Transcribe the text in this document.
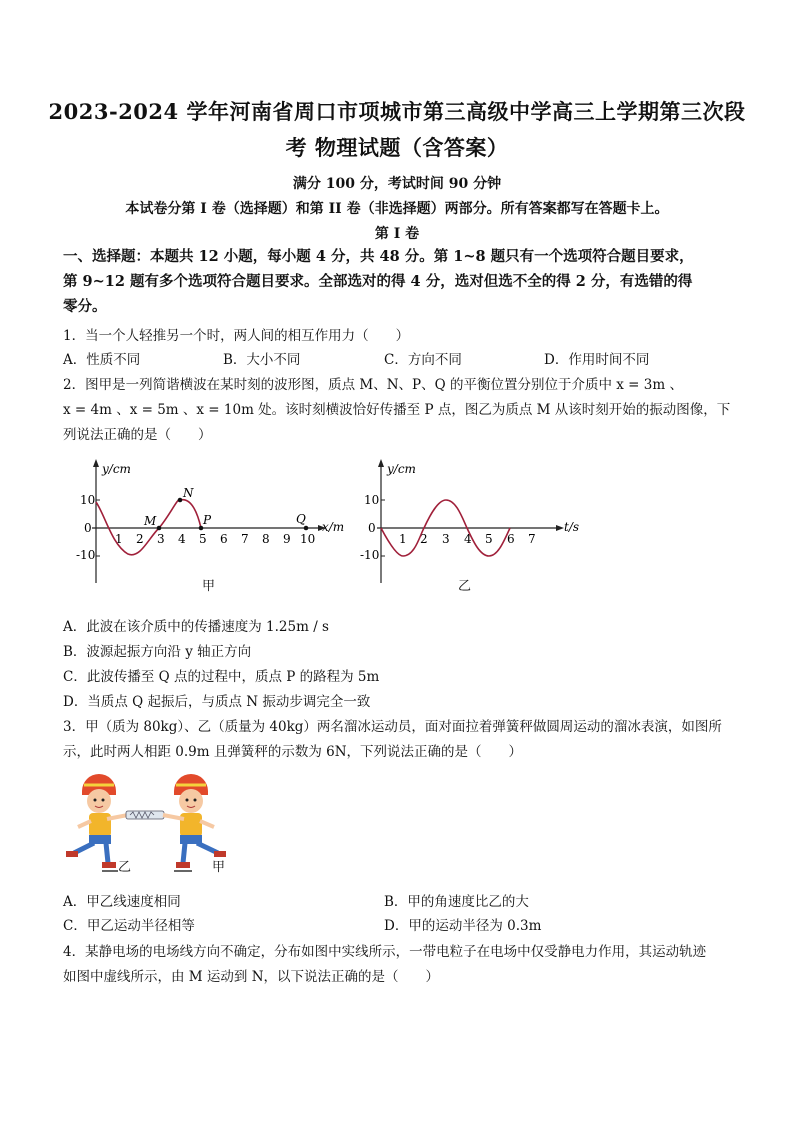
2023-2024 学年河南省周口市项城市第三高级中学高三上学期第三次段
考 物理试题（含答案）
满分 100 分，考试时间 90 分钟
本试卷分第 I 卷（选择题）和第 II 卷（非选择题）两部分。所有答案都写在答题卡上。
第 I 卷
一、选择题：本题共 12 小题，每小题 4 分，共 48 分。第 1~8 题只有一个选项符合题目要求，
第 9~12 题有多个选项符合题目要求。全部选对的得 4 分，选对但选不全的得 2 分，有选错的得
零分。
1．当一个人轻推另一个时，两人间的相互作用力（　　）
A．性质不同	B．大小不同	C．方向不同	D．作用时间不同
2．图甲是一列简谐横波在某时刻的波形图，质点 M、N、P、Q 的平衡位置分别位于介质中 x = 3m 、
x = 4m 、x = 5m 、x = 10m 处。该时刻横波恰好传播至 P 点，图乙为质点 M 从该时刻开始的振动图像，下
列说法正确的是（　　）
y/cm
x/m
10
0
-10
1 2 3 4 5 6 7 8 9 10
M
N
P	Q
甲
y/cm
t/s
10
0
-10
1 2 3 4 5 6 7
乙
A．此波在该介质中的传播速度为 1.25m / s
B．波源起振方向沿 y 轴正方向
C．此波传播至 Q 点的过程中，质点 P 的路程为 5m
D．当质点 Q 起振后，与质点 N 振动步调完全一致
3．甲（质为 80kg）、乙（质量为 40kg）两名溜冰运动员，面对面拉着弹簧秤做圆周运动的溜冰表演，如图所
示，此时两人相距 0.9m 且弹簧秤的示数为 6N，下列说法正确的是（　　）
乙	甲
A．甲乙线速度相同	B．甲的角速度比乙的大
C．甲乙运动半径相等	D．甲的运动半径为 0.3m
4．某静电场的电场线方向不确定，分布如图中实线所示，一带电粒子在电场中仅受静电力作用，其运动轨迹
如图中虚线所示，由 M 运动到 N，以下说法正确的是（　　）
